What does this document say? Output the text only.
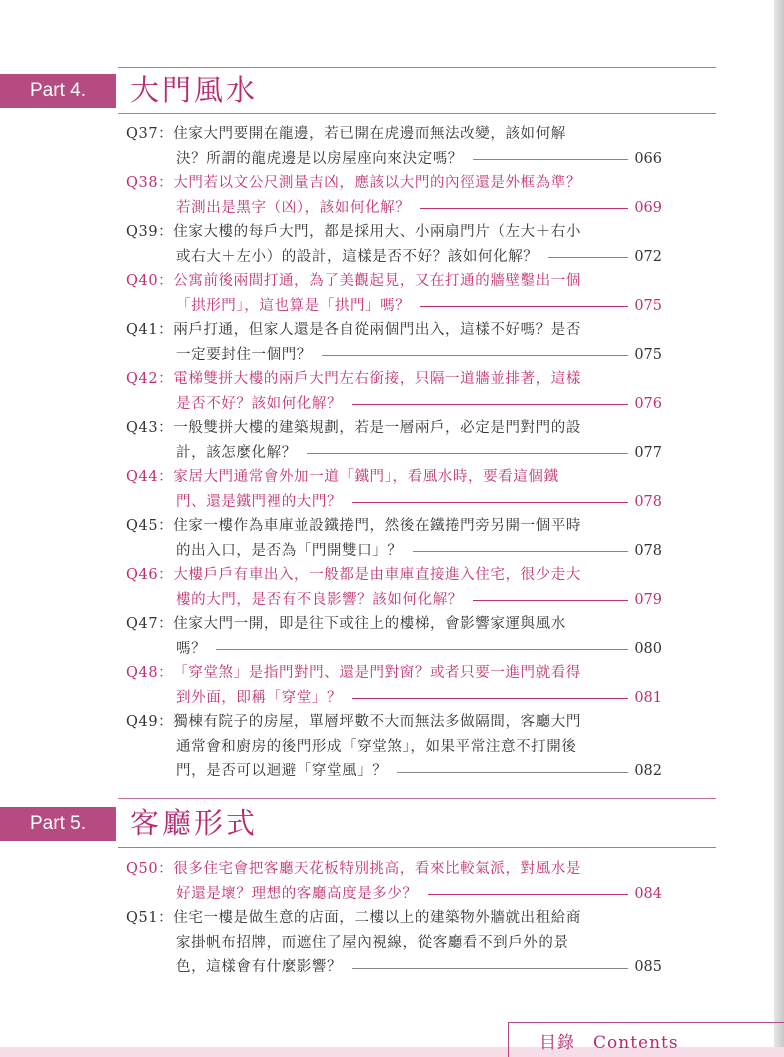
Part 4.	大門風水
Part 5.	客廳形式
Q37： 住家大門要開在龍邊，若已開在虎邊而無法改變，該如何解
決？所謂的龍虎邊是以房屋座向來決定嗎？	066
Q38： 大門若以文公尺測量吉凶，應該以大門的內徑還是外框為準？
若測出是黑字（凶），該如何化解？	069
Q39： 住家大樓的每戶大門，都是採用大、小兩扇門片（左大＋右小
或右大＋左小）的設計，這樣是否不好？該如何化解？	072
Q40： 公寓前後兩間打通，為了美觀起見，又在打通的牆壁鑿出一個
「拱形門」，這也算是「拱門」嗎？	075
Q41： 兩戶打通，但家人還是各自從兩個門出入，這樣不好嗎？是否
一定要封住一個門？	075
Q42： 電梯雙拼大樓的兩戶大門左右銜接，只隔一道牆並排著，這樣
是否不好？該如何化解？	076
Q43： 一般雙拼大樓的建築規劃，若是一層兩戶，必定是門對門的設
計，該怎麼化解？	077
Q44： 家居大門通常會外加一道「鐵門」，看風水時，要看這個鐵
門、還是鐵門裡的大門？	078
Q45： 住家一樓作為車庫並設鐵捲門，然後在鐵捲門旁另開一個平時
的出入口，是否為「門開雙口」？	078
Q46： 大樓戶戶有車出入，一般都是由車庫直接進入住宅，很少走大
樓的大門，是否有不良影響？該如何化解？	079
Q47： 住家大門一開，即是往下或往上的樓梯，會影響家運與風水
嗎？	080
Q48： 「穿堂煞」是指門對門、還是門對窗？或者只要一進門就看得
到外面，即稱「穿堂」？	081
Q49： 獨棟有院子的房屋，單層坪數不大而無法多做隔間，客廳大門
通常會和廚房的後門形成「穿堂煞」，如果平常注意不打開後
門，是否可以迴避「穿堂風」？	082
Q50： 很多住宅會把客廳天花板特別挑高，看來比較氣派，對風水是
好還是壞？理想的客廳高度是多少？	084
Q51： 住宅一樓是做生意的店面，二樓以上的建築物外牆就出租給商
家掛帆布招牌，而遮住了屋內視線，從客廳看不到戶外的景
色，這樣會有什麼影響？	085
目錄 Contents
